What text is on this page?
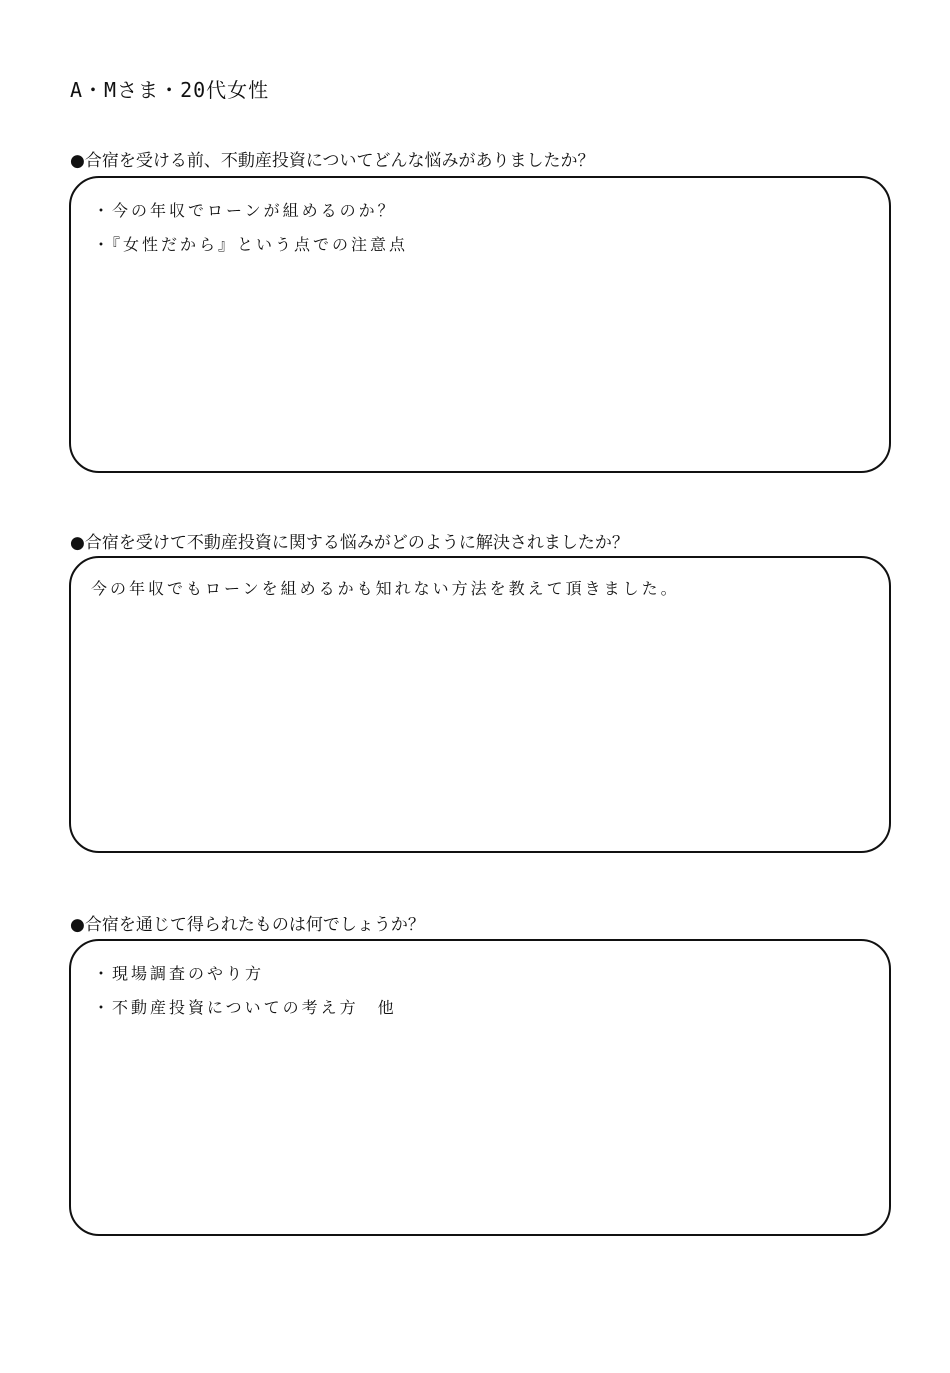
A・Mさま・20代女性
●合宿を受ける前、不動産投資についてどんな悩みがありましたか？
・今の年収でローンが組めるのか？
・『女性だから』という点での注意点
●合宿を受けて不動産投資に関する悩みがどのように解決されましたか？
今の年収でもローンを組めるかも知れない方法を教えて頂きました。
●合宿を通じて得られたものは何でしょうか？
・現場調査のやり方
・不動産投資についての考え方　他
